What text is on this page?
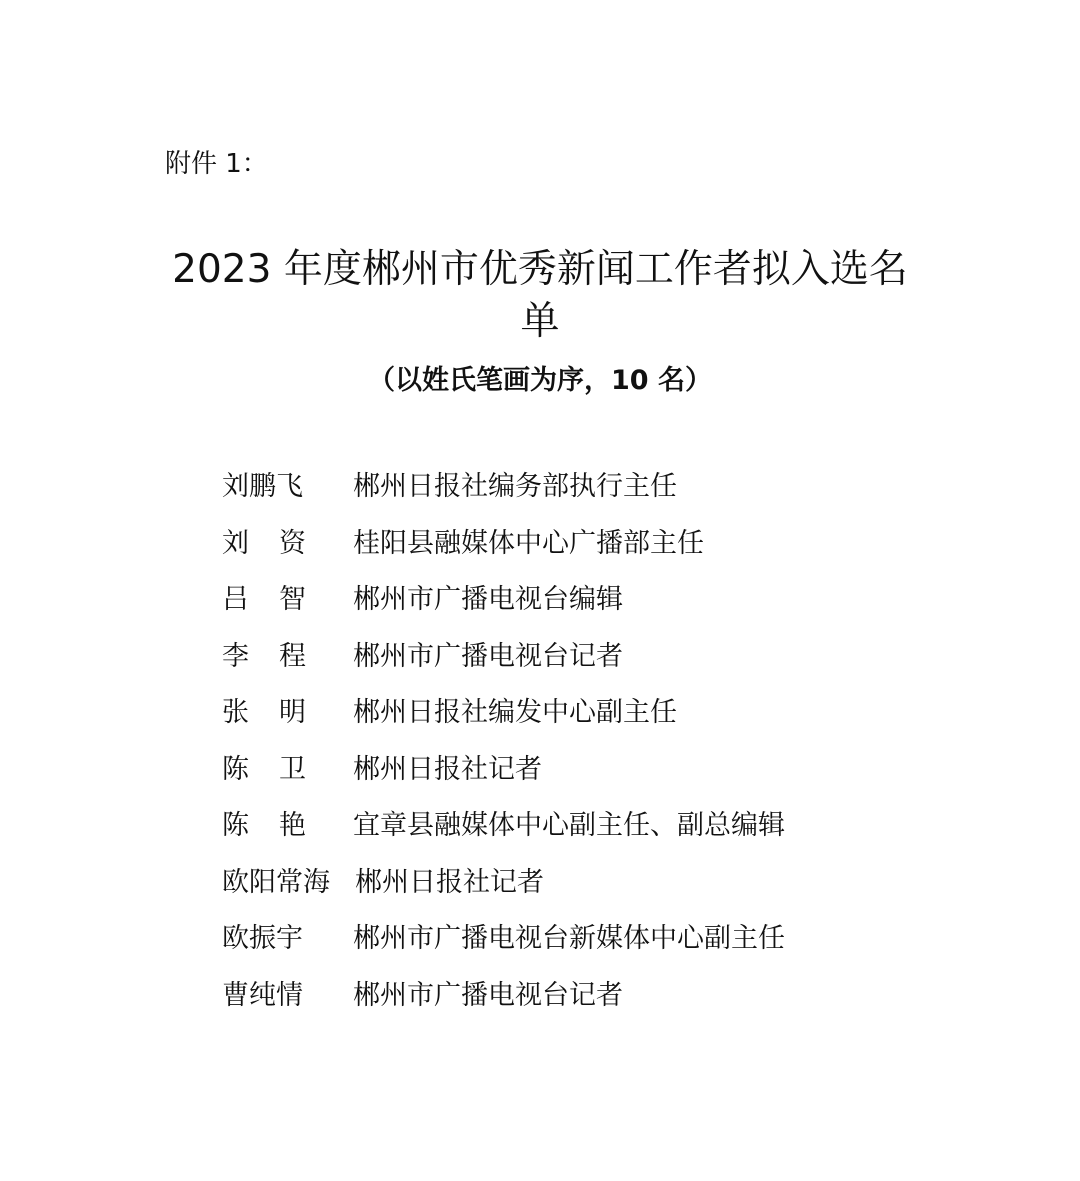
附件 1：
2023 年度郴州市优秀新闻工作者拟入选名
单
（以姓氏笔画为序，10 名）
刘鹏飞	郴州日报社编务部执行主任
刘资 桂阳县融媒体中心广播部主任
吕智 郴州市广播电视台编辑
李程 郴州市广播电视台记者
张明 郴州日报社编发中心副主任
陈卫 郴州日报社记者
陈艳 宜章县融媒体中心副主任、副总编辑
欧阳常海 郴州日报社记者
欧振宇	郴州市广播电视台新媒体中心副主任
曹纯情	郴州市广播电视台记者
